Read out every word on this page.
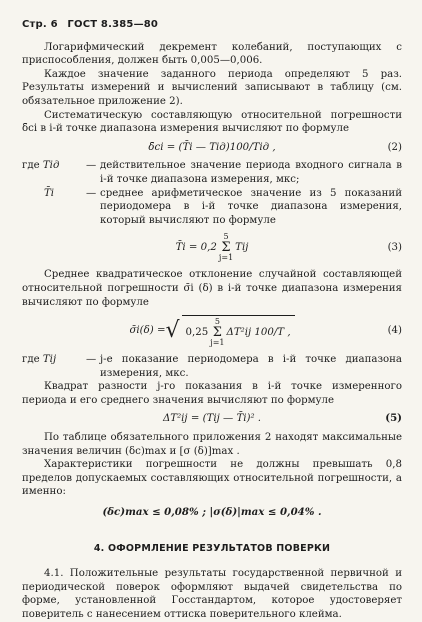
Стр. 6 ГОСТ 8.385—80

Логарифмический декремент колебаний, поступающих с приспособления, должен быть 0,005—0,006.

Каждое значение заданного периода определяют 5 раз. Результаты измерений и вычислений записывают в таблицу (см. обязательное приложение 2).

Систематическую составляющую относительной погрешности δ̄ci в i-й точке диапазона измерения вычисляют по формуле

δ̄ci = (T̄i — Tiд)100/Tiд ,	(2)
где Tiд	— действительное значение периода входного сигнала в i-й точке диапазона измерения, мкс;
T̄i	— среднее арифметическое значение из 5 показаний периодомера в i-й точке диапазона измерения, который вычисляют по формуле
T̄i = 0,2
5
Σ
j=1
Tij	(3)

Среднее квадратическое отклонение случайной составляющей относительной погрешности σ̄i (δ) в i-й точке диапазона измерения вычисляют по формуле

σ̄i(δ) = √ 0,25
5
Σ
j=1
ΔT²ij 100/T ,	(4)
где Tij	— j-е показание периодомера в i-й точке диапазона измерения, мкс.

Квадрат разности j-го показания в i-й точке измеренного периода и его среднего значения вычисляют по формуле

ΔT²ij = (Tij — T̄i)² .	(5)

По таблице обязательного приложения 2 находят максимальные значения величин (δc)max и [σ (δ)]max .

Характеристики погрешности не должны превышать 0,8 пределов допускаемых составляющих относительной погрешности, а именно:

(δc)max ≤ 0,08% ; |σ(δ)|max ≤ 0,04% .
4. ОФОРМЛЕНИЕ РЕЗУЛЬТАТОВ ПОВЕРКИ

4.1. Положительные результаты государственной первичной и периодической поверок оформляют выдачей свидетельства по форме, установленной Госстандартом, которое удостоверяет поверитель с нанесением оттиска поверительного клейма.
